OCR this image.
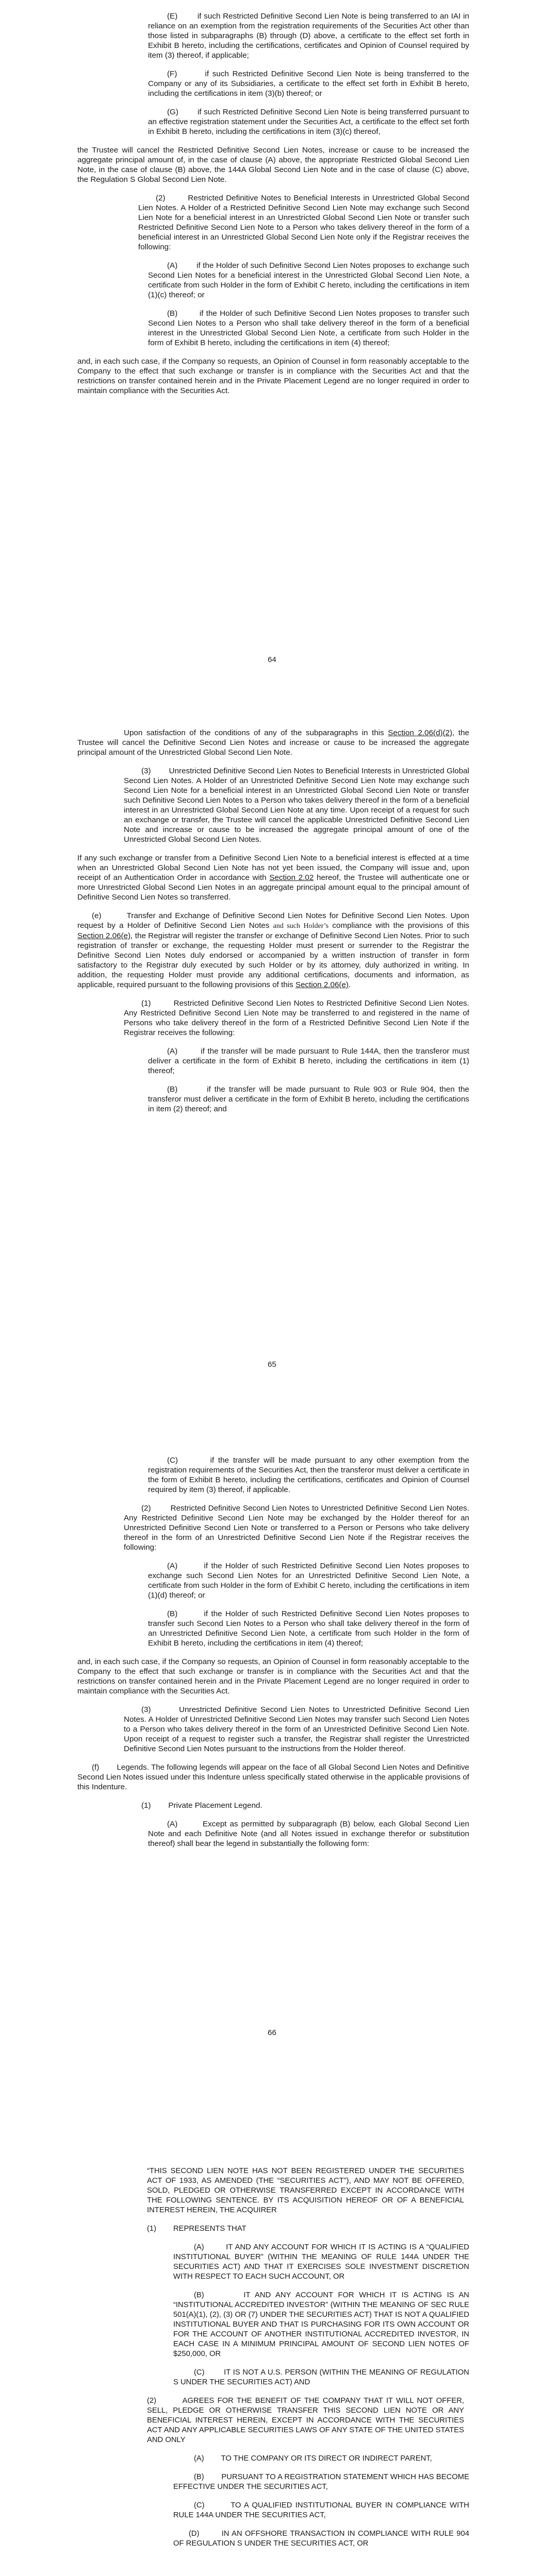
(E)        if such Restricted Definitive Second Lien Note is being transferred to an IAI in reliance on an exemption from the registration requirements of the Securities Act other than those listed in subparagraphs (B) through (D) above, a certificate to the effect set forth in Exhibit B hereto, including the certifications, certificates and Opinion of Counsel required by item (3) thereof, if applicable;

(F)        if such Restricted Definitive Second Lien Note is being transferred to the Company or any of its Subsidiaries, a certificate to the effect set forth in Exhibit B hereto, including the certifications in item (3)(b) thereof; or

(G)        if such Restricted Definitive Second Lien Note is being transferred pursuant to an effective registration statement under the Securities Act, a certificate to the effect set forth in Exhibit B hereto, including the certifications in item (3)(c) thereof,

the Trustee will cancel the Restricted Definitive Second Lien Notes, increase or cause to be increased the aggregate principal amount of, in the case of clause (A) above, the appropriate Restricted Global Second Lien Note, in the case of clause (B) above, the 144A Global Second Lien Note and in the case of clause (C) above, the Regulation S Global Second Lien Note.

(2)        Restricted Definitive Notes to Beneficial Interests in Unrestricted Global Second Lien Notes. A Holder of a Restricted Definitive Second Lien Note may exchange such Second Lien Note for a beneficial interest in an Unrestricted Global Second Lien Note or transfer such Restricted Definitive Second Lien Note to a Person who takes delivery thereof in the form of a beneficial interest in an Unrestricted Global Second Lien Note only if the Registrar receives the following:

(A)        if the Holder of such Definitive Second Lien Notes proposes to exchange such Second Lien Notes for a beneficial interest in the Unrestricted Global Second Lien Note, a certificate from such Holder in the form of Exhibit C hereto, including the certifications in item (1)(c) thereof; or

(B)        if the Holder of such Definitive Second Lien Notes proposes to transfer such Second Lien Notes to a Person who shall take delivery thereof in the form of a beneficial interest in the Unrestricted Global Second Lien Note, a certificate from such Holder in the form of Exhibit B hereto, including the certifications in item (4) thereof;

and, in each such case, if the Company so requests, an Opinion of Counsel in form reasonably acceptable to the Company to the effect that such exchange or transfer is in compliance with the Securities Act and that the restrictions on transfer contained herein and in the Private Placement Legend are no longer required in order to maintain compliance with the Securities Act.

64

Upon satisfaction of the conditions of any of the subparagraphs in this Section 2.06(d)(2), the Trustee will cancel the Definitive Second Lien Notes and increase or cause to be increased the aggregate principal amount of the Unrestricted Global Second Lien Note.

(3)        Unrestricted Definitive Second Lien Notes to Beneficial Interests in Unrestricted Global Second Lien Notes. A Holder of an Unrestricted Definitive Second Lien Note may exchange such Second Lien Note for a beneficial interest in an Unrestricted Global Second Lien Note or transfer such Definitive Second Lien Notes to a Person who takes delivery thereof in the form of a beneficial interest in an Unrestricted Global Second Lien Note at any time. Upon receipt of a request for such an exchange or transfer, the Trustee will cancel the applicable Unrestricted Definitive Second Lien Note and increase or cause to be increased the aggregate principal amount of one of the Unrestricted Global Second Lien Notes.

If any such exchange or transfer from a Definitive Second Lien Note to a beneficial interest is effected at a time when an Unrestricted Global Second Lien Note has not yet been issued, the Company will issue and, upon receipt of an Authentication Order in accordance with Section 2.02 hereof, the Trustee will authenticate one or more Unrestricted Global Second Lien Notes in an aggregate principal amount equal to the principal amount of Definitive Second Lien Notes so transferred.

(e)        Transfer and Exchange of Definitive Second Lien Notes for Definitive Second Lien Notes. Upon request by a Holder of Definitive Second Lien Notes and such Holder’s compliance with the provisions of this Section 2.06(e), the Registrar will register the transfer or exchange of Definitive Second Lien Notes. Prior to such registration of transfer or exchange, the requesting Holder must present or surrender to the Registrar the Definitive Second Lien Notes duly endorsed or accompanied by a written instruction of transfer in form satisfactory to the Registrar duly executed by such Holder or by its attorney, duly authorized in writing. In addition, the requesting Holder must provide any additional certifications, documents and information, as applicable, required pursuant to the following provisions of this Section 2.06(e).

(1)        Restricted Definitive Second Lien Notes to Restricted Definitive Second Lien Notes. Any Restricted Definitive Second Lien Note may be transferred to and registered in the name of Persons who take delivery thereof in the form of a Restricted Definitive Second Lien Note if the Registrar receives the following:

(A)        if the transfer will be made pursuant to Rule 144A, then the transferor must deliver a certificate in the form of Exhibit B hereto, including the certifications in item (1) thereof;

(B)        if the transfer will be made pursuant to Rule 903 or Rule 904, then the transferor must deliver a certificate in the form of Exhibit B hereto, including the certifications in item (2) thereof; and

65

(C)        if the transfer will be made pursuant to any other exemption from the registration requirements of the Securities Act, then the transferor must deliver a certificate in the form of Exhibit B hereto, including the certifications, certificates and Opinion of Counsel required by item (3) thereof, if applicable.

(2)        Restricted Definitive Second Lien Notes to Unrestricted Definitive Second Lien Notes. Any Restricted Definitive Second Lien Note may be exchanged by the Holder thereof for an Unrestricted Definitive Second Lien Note or transferred to a Person or Persons who take delivery thereof in the form of an Unrestricted Definitive Second Lien Note if the Registrar receives the following:

(A)        if the Holder of such Restricted Definitive Second Lien Notes proposes to exchange such Second Lien Notes for an Unrestricted Definitive Second Lien Note, a certificate from such Holder in the form of Exhibit C hereto, including the certifications in item (1)(d) thereof; or

(B)        if the Holder of such Restricted Definitive Second Lien Notes proposes to transfer such Second Lien Notes to a Person who shall take delivery thereof in the form of an Unrestricted Definitive Second Lien Note, a certificate from such Holder in the form of Exhibit B hereto, including the certifications in item (4) thereof;

and, in each such case, if the Company so requests, an Opinion of Counsel in form reasonably acceptable to the Company to the effect that such exchange or transfer is in compliance with the Securities Act and that the restrictions on transfer contained herein and in the Private Placement Legend are no longer required in order to maintain compliance with the Securities Act.

(3)        Unrestricted Definitive Second Lien Notes to Unrestricted Definitive Second Lien Notes. A Holder of Unrestricted Definitive Second Lien Notes may transfer such Second Lien Notes to a Person who takes delivery thereof in the form of an Unrestricted Definitive Second Lien Note. Upon receipt of a request to register such a transfer, the Registrar shall register the Unrestricted Definitive Second Lien Notes pursuant to the instructions from the Holder thereof.

(f)        Legends. The following legends will appear on the face of all Global Second Lien Notes and Definitive Second Lien Notes issued under this Indenture unless specifically stated otherwise in the applicable provisions of this Indenture.

(1)        Private Placement Legend.

(A)        Except as permitted by subparagraph (B) below, each Global Second Lien Note and each Definitive Note (and all Notes issued in exchange therefor or substitution thereof) shall bear the legend in substantially the following form:

66

“THIS SECOND LIEN NOTE HAS NOT BEEN REGISTERED UNDER THE SECURITIES ACT OF 1933, AS AMENDED (THE “SECURITIES ACT”), AND MAY NOT BE OFFERED, SOLD, PLEDGED OR OTHERWISE TRANSFERRED EXCEPT IN ACCORDANCE WITH THE FOLLOWING SENTENCE. BY ITS ACQUISITION HEREOF OR OF A BENEFICIAL INTEREST HEREIN, THE ACQUIRER

(1)        REPRESENTS THAT

(A)        IT AND ANY ACCOUNT FOR WHICH IT IS ACTING IS A “QUALIFIED INSTITUTIONAL BUYER” (WITHIN THE MEANING OF RULE 144A UNDER THE SECURITIES ACT) AND THAT IT EXERCISES SOLE INVESTMENT DISCRETION WITH RESPECT TO EACH SUCH ACCOUNT, OR

(B)        IT AND ANY ACCOUNT FOR WHICH IT IS ACTING IS AN “INSTITUTIONAL ACCREDITED INVESTOR” (WITHIN THE MEANING OF SEC RULE 501(A)(1), (2), (3) OR (7) UNDER THE SECURITIES ACT) THAT IS NOT A QUALIFIED INSTITUTIONAL BUYER AND THAT IS PURCHASING FOR ITS OWN ACCOUNT OR FOR THE ACCOUNT OF ANOTHER INSTITUTIONAL ACCREDITED INVESTOR, IN EACH CASE IN A MINIMUM PRINCIPAL AMOUNT OF SECOND LIEN NOTES OF $250,000, OR

(C)        IT IS NOT A U.S. PERSON (WITHIN THE MEANING OF REGULATION S UNDER THE SECURITIES ACT) AND

(2)        AGREES FOR THE BENEFIT OF THE COMPANY THAT IT WILL NOT OFFER, SELL, PLEDGE OR OTHERWISE TRANSFER THIS SECOND LIEN NOTE OR ANY BENEFICIAL INTEREST HEREIN, EXCEPT IN ACCORDANCE WITH THE SECURITIES ACT AND ANY APPLICABLE SECURITIES LAWS OF ANY STATE OF THE UNITED STATES AND ONLY

(A)        TO THE COMPANY OR ITS DIRECT OR INDIRECT PARENT,

(B)        PURSUANT TO A REGISTRATION STATEMENT WHICH HAS BECOME EFFECTIVE UNDER THE SECURITIES ACT,

(C)        TO A QUALIFIED INSTITUTIONAL BUYER IN COMPLIANCE WITH RULE 144A UNDER THE SECURITIES ACT,

(D)        IN AN OFFSHORE TRANSACTION IN COMPLIANCE WITH RULE 904 OF REGULATION S UNDER THE SECURITIES ACT, OR
